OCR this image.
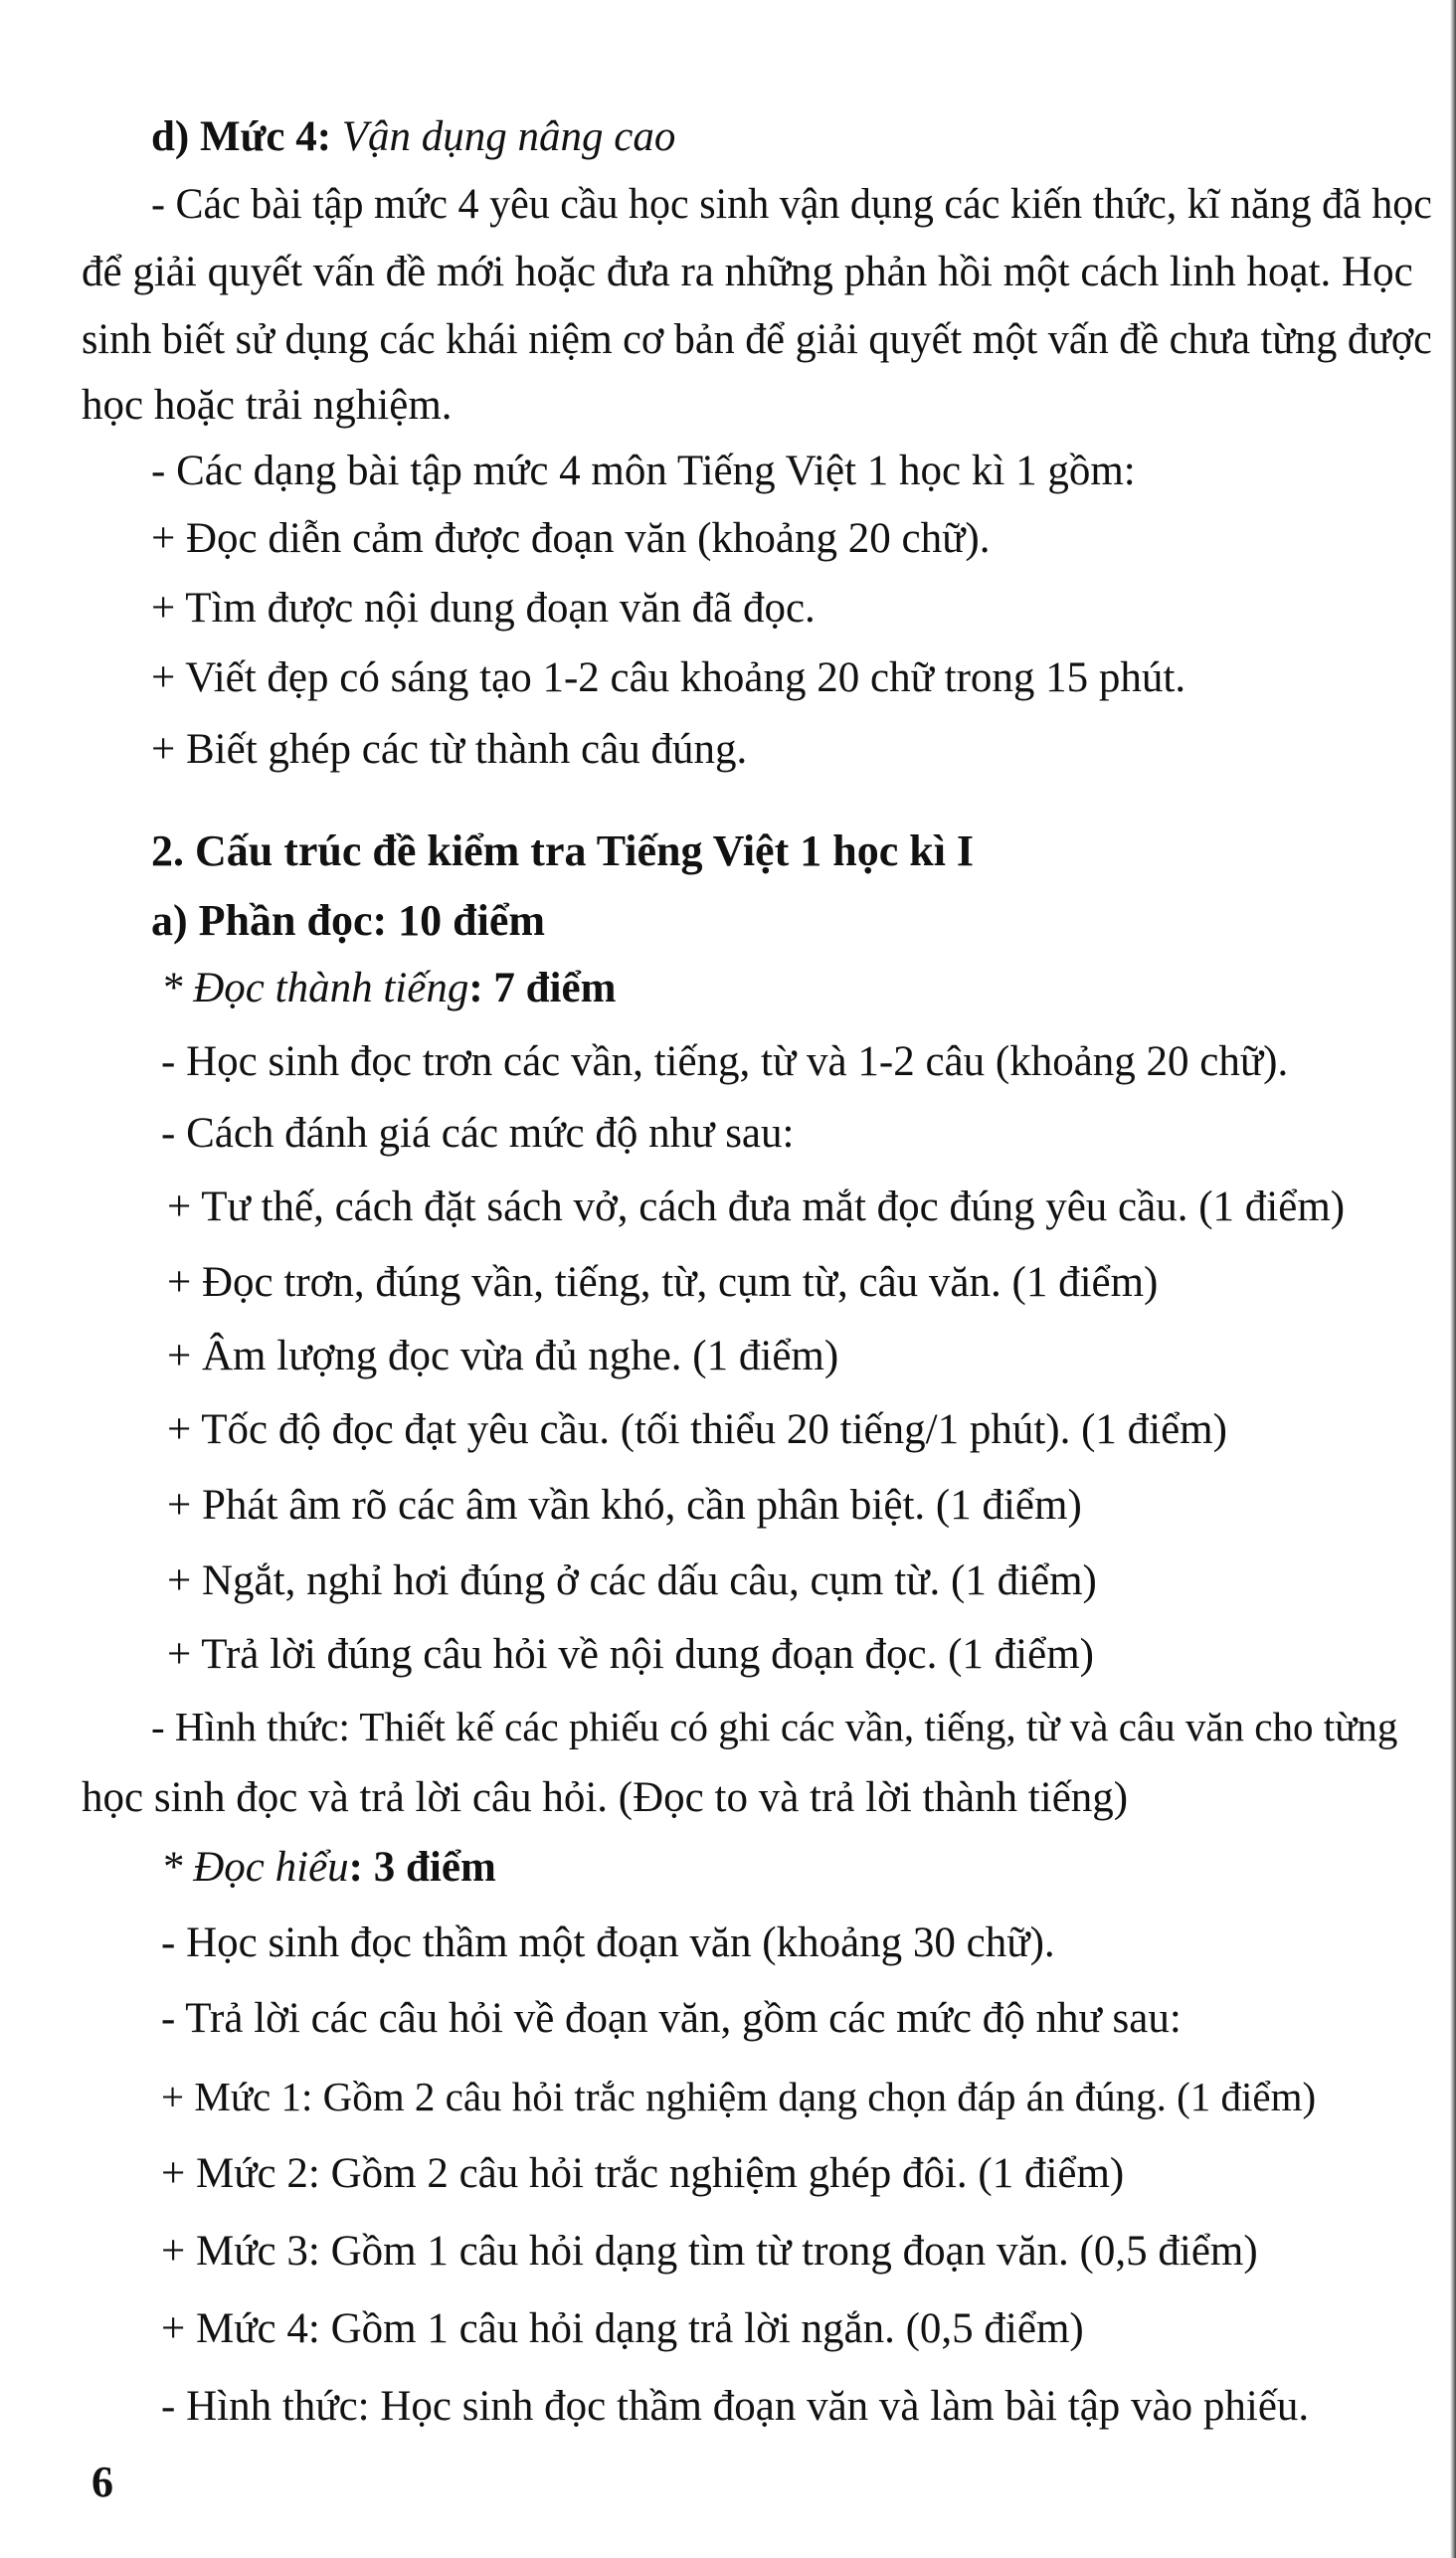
d) Mức 4: Vận dụng nâng cao
- Các bài tập mức 4 yêu cầu học sinh vận dụng các kiến thức, kĩ năng đã học
để giải quyết vấn đề mới hoặc đưa ra những phản hồi một cách linh hoạt. Học
sinh biết sử dụng các khái niệm cơ bản để giải quyết một vấn đề chưa từng được
học hoặc trải nghiệm.
- Các dạng bài tập mức 4 môn Tiếng Việt 1 học kì 1 gồm:
+ Đọc diễn cảm được đoạn văn (khoảng 20 chữ).
+ Tìm được nội dung đoạn văn đã đọc.
+ Viết đẹp có sáng tạo 1-2 câu khoảng 20 chữ trong 15 phút.
+ Biết ghép các từ thành câu đúng.
2. Cấu trúc đề kiểm tra Tiếng Việt 1 học kì I
a) Phần đọc: 10 điểm
* Đọc thành tiếng: 7 điểm
- Học sinh đọc trơn các vần, tiếng, từ và 1-2 câu (khoảng 20 chữ).
- Cách đánh giá các mức độ như sau:
+ Tư thế, cách đặt sách vở, cách đưa mắt đọc đúng yêu cầu. (1 điểm)
+ Đọc trơn, đúng vần, tiếng, từ, cụm từ, câu văn. (1 điểm)
+ Âm lượng đọc vừa đủ nghe. (1 điểm)
+ Tốc độ đọc đạt yêu cầu. (tối thiểu 20 tiếng/1 phút). (1 điểm)
+ Phát âm rõ các âm vần khó, cần phân biệt. (1 điểm)
+ Ngắt, nghỉ hơi đúng ở các dấu câu, cụm từ. (1 điểm)
+ Trả lời đúng câu hỏi về nội dung đoạn đọc. (1 điểm)
- Hình thức: Thiết kế các phiếu có ghi các vần, tiếng, từ và câu văn cho từng
học sinh đọc và trả lời câu hỏi. (Đọc to và trả lời thành tiếng)
* Đọc hiểu: 3 điểm
- Học sinh đọc thầm một đoạn văn (khoảng 30 chữ).
- Trả lời các câu hỏi về đoạn văn, gồm các mức độ như sau:
+ Mức 1: Gồm 2 câu hỏi trắc nghiệm dạng chọn đáp án đúng. (1 điểm)
+ Mức 2: Gồm 2 câu hỏi trắc nghiệm ghép đôi. (1 điểm)
+ Mức 3: Gồm 1 câu hỏi dạng tìm từ trong đoạn văn. (0,5 điểm)
+ Mức 4: Gồm 1 câu hỏi dạng trả lời ngắn. (0,5 điểm)
- Hình thức: Học sinh đọc thầm đoạn văn và làm bài tập vào phiếu.
6
